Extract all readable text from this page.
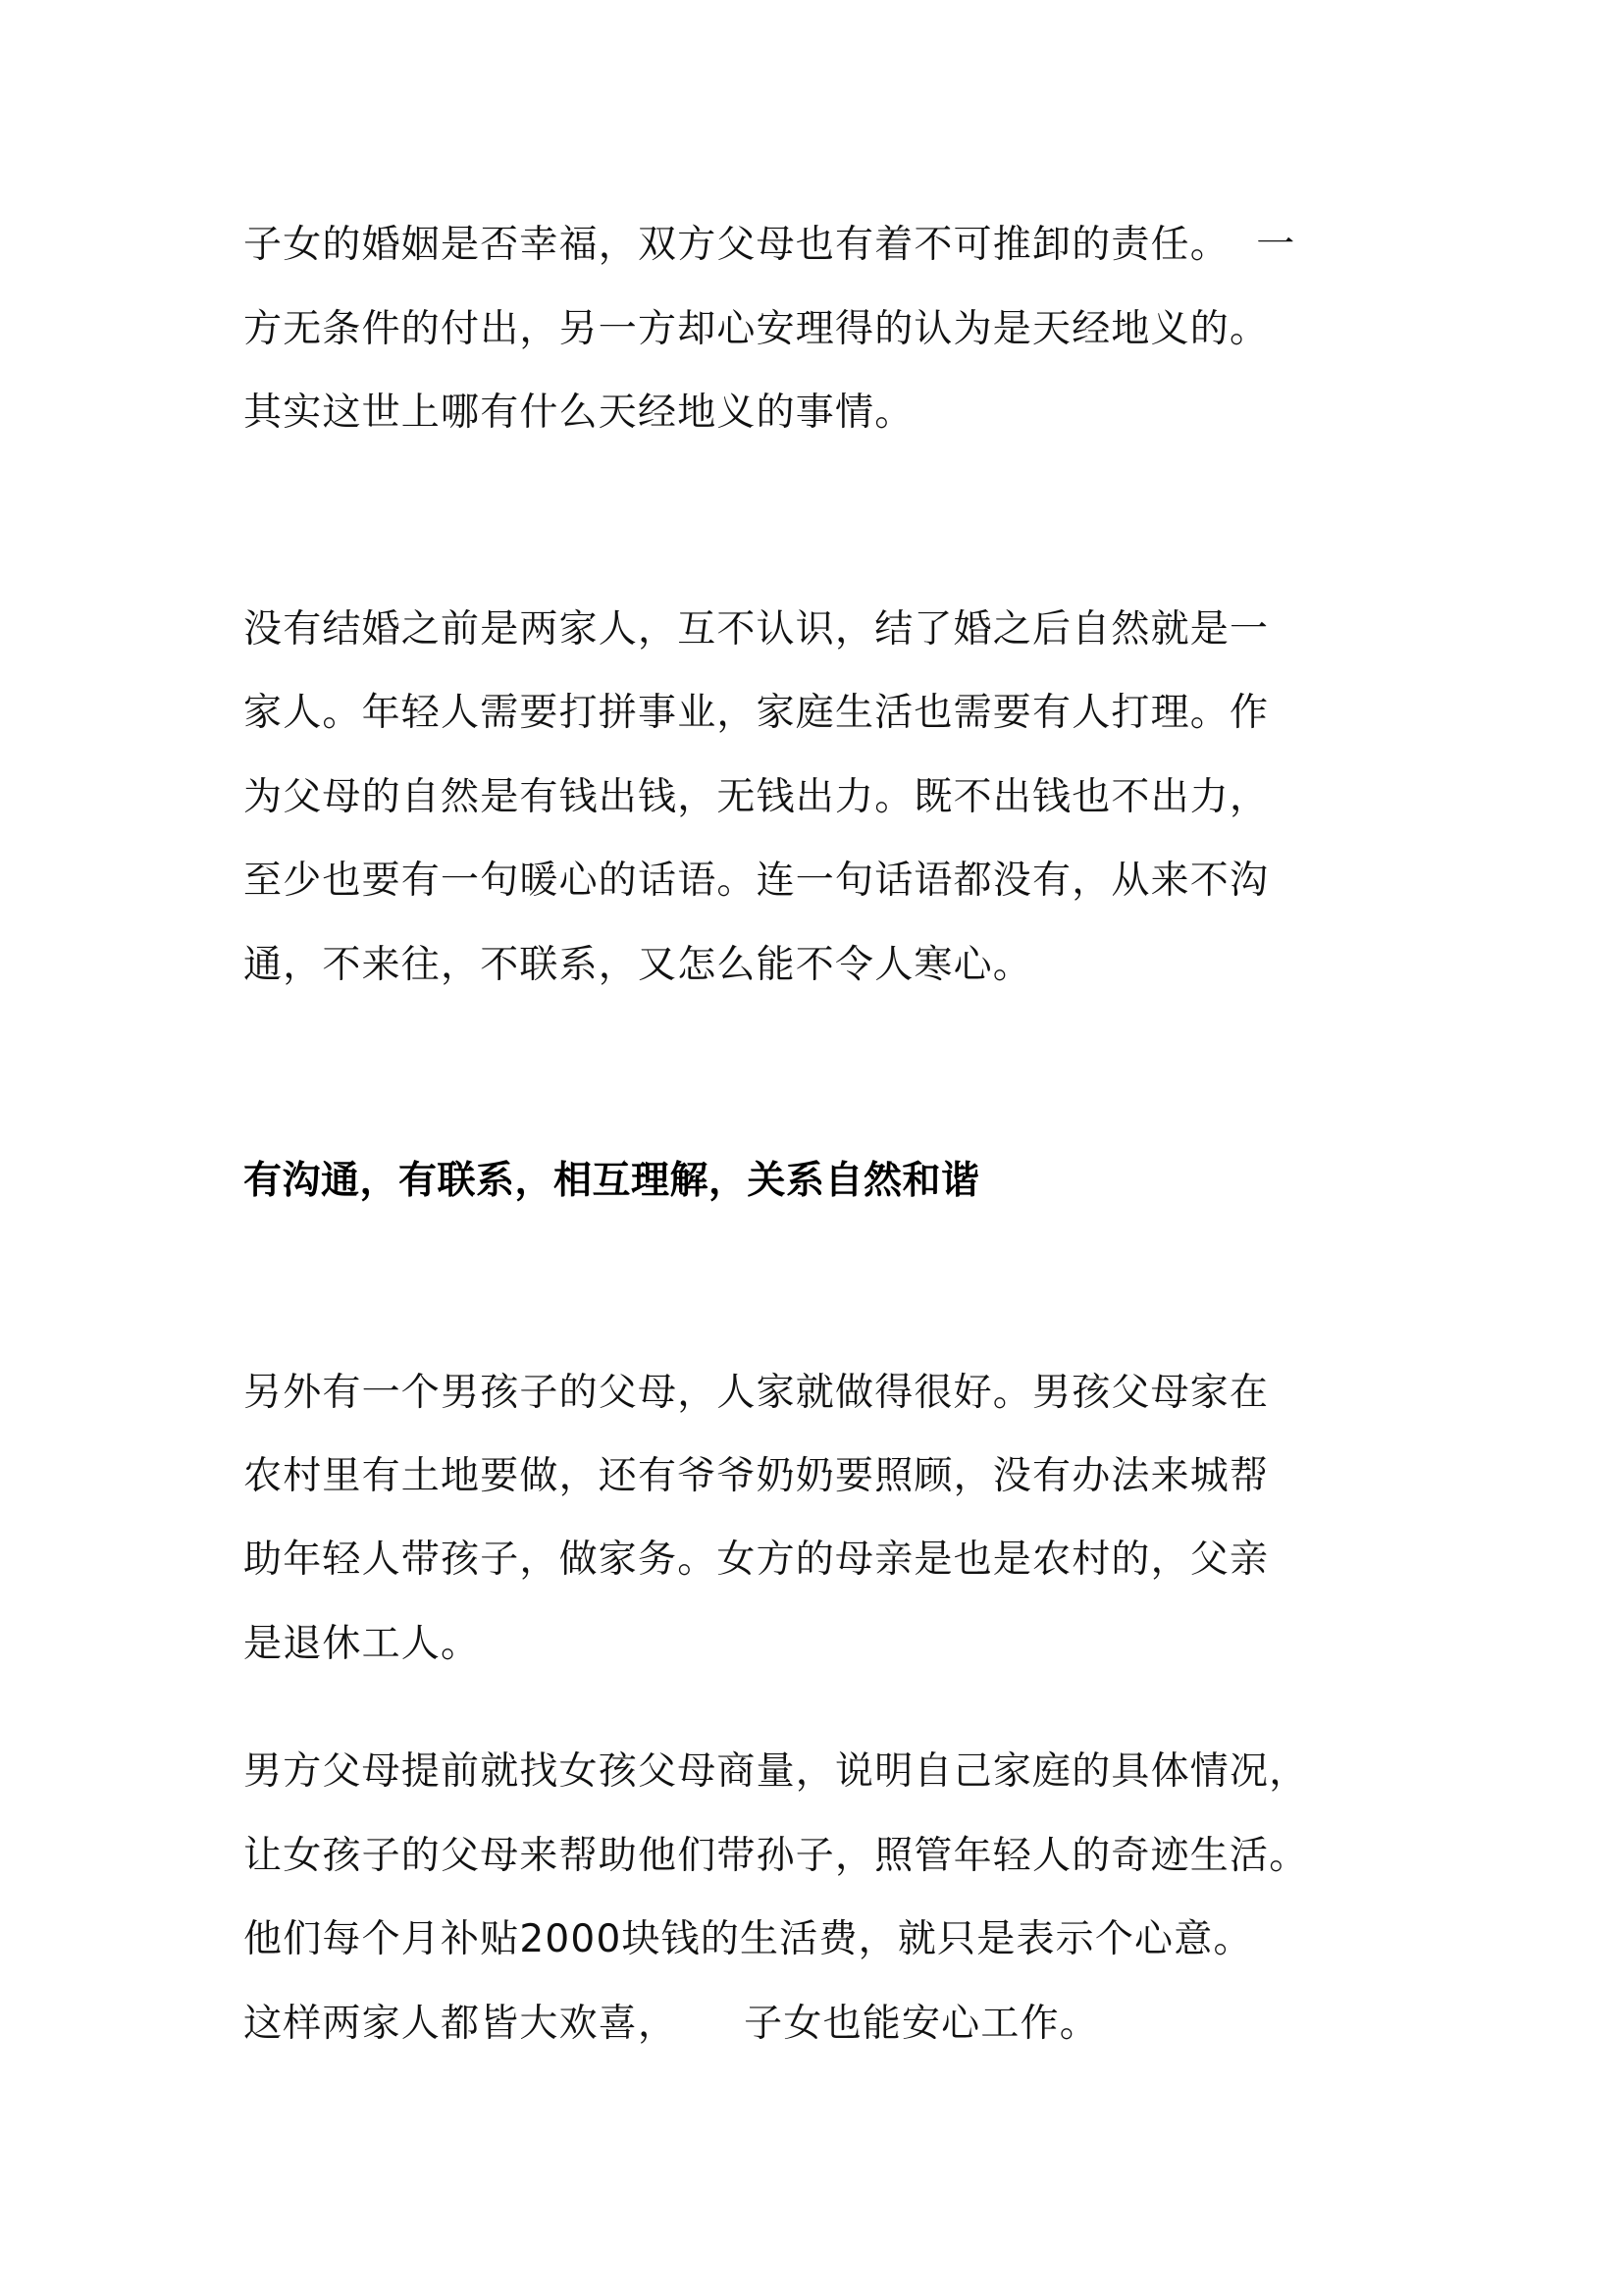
子女的婚姻是否幸福，双方父母也有着不可推卸的责任。  一
方无条件的付出，另一方却心安理得的认为是天经地义的。
其实这世上哪有什么天经地义的事情。
没有结婚之前是两家人，互不认识，结了婚之后自然就是一
家人。年轻人需要打拼事业，家庭生活也需要有人打理。作
为父母的自然是有钱出钱，无钱出力。既不出钱也不出力，
至少也要有一句暖心的话语。连一句话语都没有，从来不沟
通，不来往，不联系，又怎么能不令人寒心。
有沟通，有联系，相互理解，关系自然和谐
另外有一个男孩子的父母，人家就做得很好。男孩父母家在
农村里有土地要做，还有爷爷奶奶要照顾，没有办法来城帮
助年轻人带孩子，做家务。女方的母亲是也是农村的，父亲
是退休工人。
男方父母提前就找女孩父母商量，说明自己家庭的具体情况，
让女孩子的父母来帮助他们带孙子，照管年轻人的奇迹生活。
他们每个月补贴2000块钱的生活费，就只是表示个心意。
这样两家人都皆大欢喜，     子女也能安心工作。
